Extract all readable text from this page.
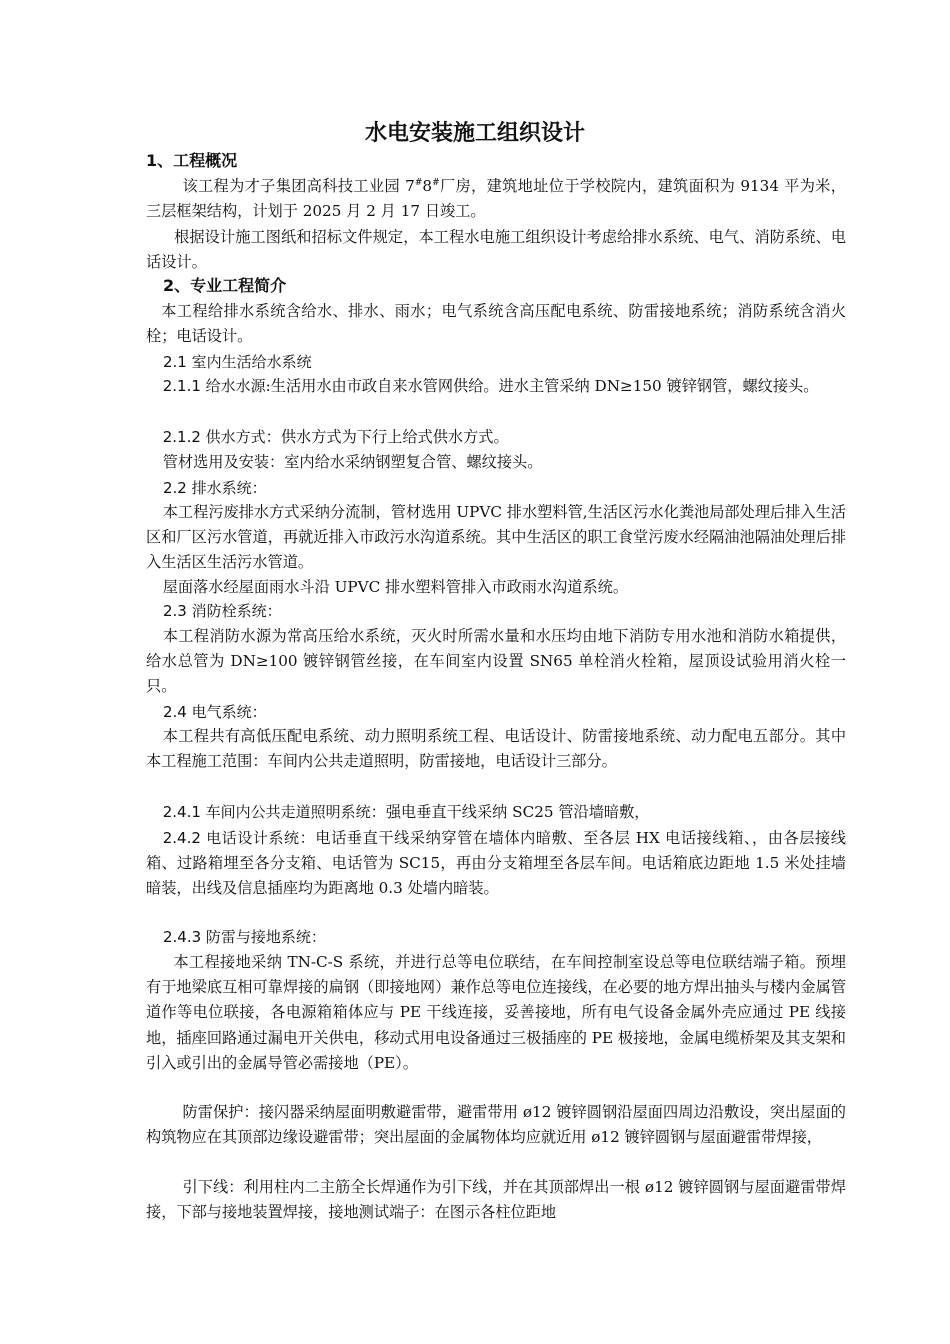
水电安装施工组织设计
1、工程概况

该工程为才子集团高科技工业园 7#8#厂房，建筑地址位于学校院内，建筑面积为 9134 平为米，三层框架结构，计划于 2025 月 2 月 17 日竣工。

根据设计施工图纸和招标文件规定，本工程水电施工组织设计考虑给排水系统、电气、消防系统、电话设计。

2、专业工程简介

本工程给排水系统含给水、排水、雨水；电气系统含高压配电系统、防雷接地系统；消防系统含消火栓；电话设计。

2.1 室内生活给水系统

2.1.1 给水水源:生活用水由市政自来水管网供给。进水主管采纳 DN≥150 镀锌钢管，螺纹接头。

2.1.2 供水方式：供水方式为下行上给式供水方式。

管材选用及安装：室内给水采纳钢塑复合管、螺纹接头。

2.2 排水系统：

本工程污废排水方式采纳分流制，管材选用 UPVC 排水塑料管,生活区污水化粪池局部处理后排入生活区和厂区污水管道，再就近排入市政污水沟道系统。其中生活区的职工食堂污废水经隔油池隔油处理后排入生活区生活污水管道。

屋面落水经屋面雨水斗沿 UPVC 排水塑料管排入市政雨水沟道系统。

2.3 消防栓系统：

本工程消防水源为常高压给水系统，灭火时所需水量和水压均由地下消防专用水池和消防水箱提供，给水总管为 DN≥100 镀锌钢管丝接，在车间室内设置 SN65 单栓消火栓箱，屋顶设试验用消火栓一只。

2.4 电气系统：

本工程共有高低压配电系统、动力照明系统工程、电话设计、防雷接地系统、动力配电五部分。其中本工程施工范围：车间内公共走道照明，防雷接地，电话设计三部分。

2.4.1 车间内公共走道照明系统：强电垂直干线采纳 SC25 管沿墙暗敷，

2.4.2 电话设计系统：电话垂直干线采纳穿管在墙体内暗敷、至各层 HX 电话接线箱、，由各层接线箱、过路箱埋至各分支箱、电话管为 SC15，再由分支箱埋至各层车间。电话箱底边距地 1.5 米处挂墙暗装，出线及信息插座均为距离地 0.3 处墙内暗装。

2.4.3 防雷与接地系统：

本工程接地采纳 TN-C-S 系统，并进行总等电位联结，在车间控制室设总等电位联结端子箱。预埋有于地梁底互相可靠焊接的扁钢（即接地网）兼作总等电位连接线，在必要的地方焊出抽头与楼内金属管道作等电位联接，各电源箱箱体应与 PE 干线连接，妥善接地，所有电气设备金属外壳应通过 PE 线接地，插座回路通过漏电开关供电，移动式用电设备通过三极插座的 PE 极接地，金属电缆桥架及其支架和引入或引出的金属导管必需接地（PE）。

防雷保护：接闪器采纳屋面明敷避雷带，避雷带用 ø12 镀锌圆钢沿屋面四周边沿敷设，突出屋面的构筑物应在其顶部边缘设避雷带；突出屋面的金属物体均应就近用 ø12 镀锌圆钢与屋面避雷带焊接，

引下线：利用柱内二主筋全长焊通作为引下线，并在其顶部焊出一根 ø12 镀锌圆钢与屋面避雷带焊接，下部与接地装置焊接，接地测试端子：在图示各柱位距地
